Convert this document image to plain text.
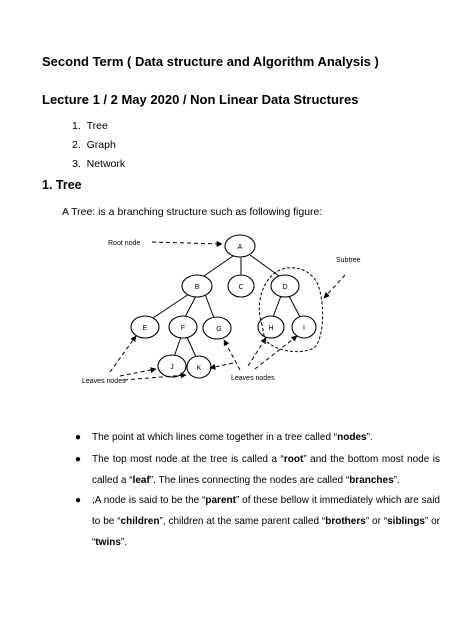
Second Term ( Data structure and Algorithm Analysis )
Lecture 1 / 2 May 2020 / Non Linear Data Structures
1. Tree
2. Graph
3. Network
1. Tree
A Tree: is a branching structure such as following figure:
A
B	C	D
E	F	G	H	I
J	K
Root node
Subtree
Leaves nodes	Leaves nodes
● The point at which lines come together in a tree called “nodes”.
● The top most node at the tree is called a “root” and the bottom most node is called a “leaf”. The lines connecting the nodes are called “branches”.
● ;A node is said to be the “parent” of these bellow it immediately which are said to be “children”, children at the same parent called “brothers” or “siblings” or “twins”.
